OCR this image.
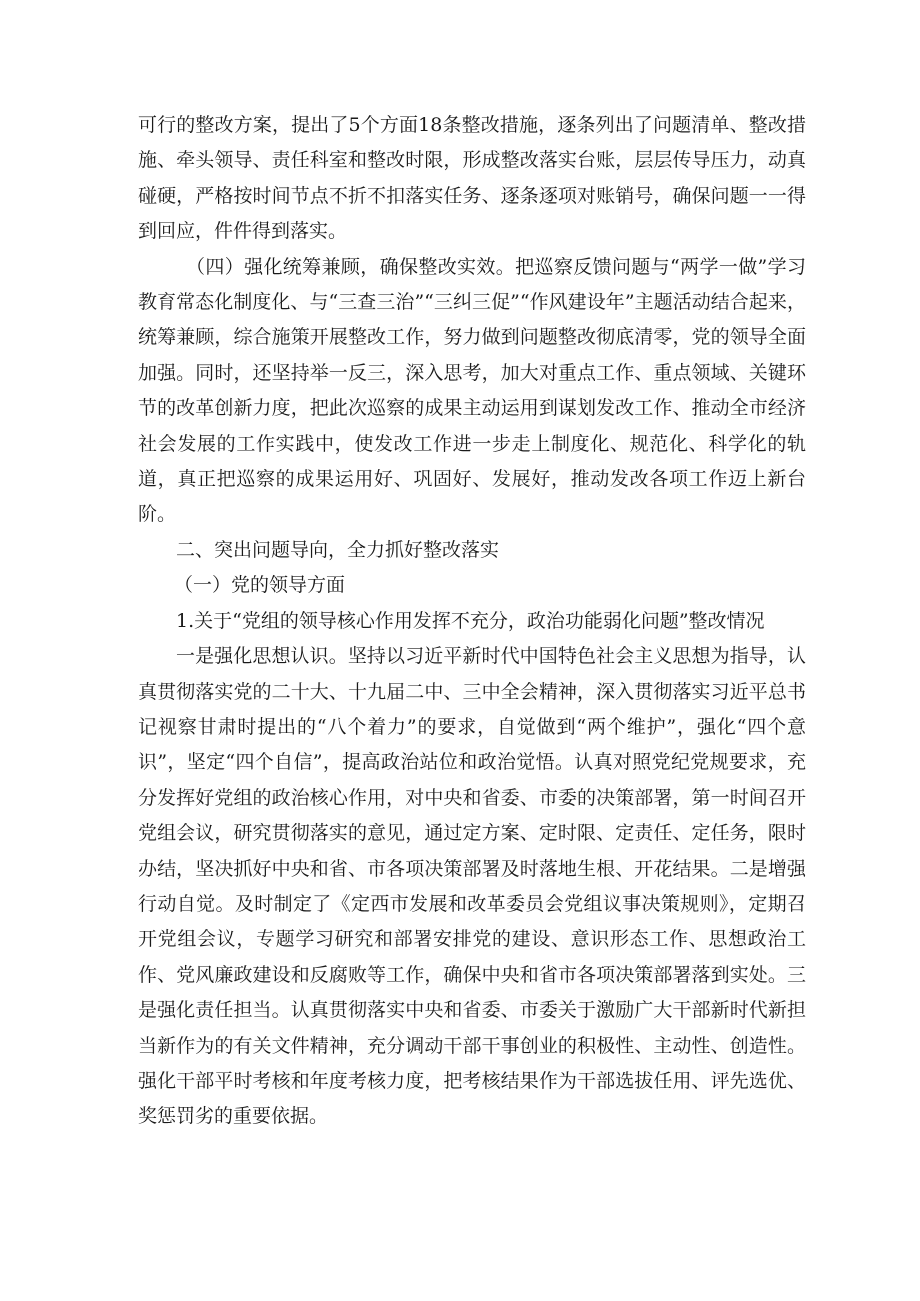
可行的整改方案，提出了5个方面18条整改措施，逐条列出了问题清单、整改措施、牵头领导、责任科室和整改时限，形成整改落实台账，层层传导压力，动真碰硬，严格按时间节点不折不扣落实任务、逐条逐项对账销号，确保问题一一得到回应，件件得到落实。

（四）强化统筹兼顾，确保整改实效。把巡察反馈问题与“两学一做”学习教育常态化制度化、与“三查三治”“三纠三促”“作风建设年”主题活动结合起来，统筹兼顾，综合施策开展整改工作，努力做到问题整改彻底清零，党的领导全面加强。同时，还坚持举一反三，深入思考，加大对重点工作、重点领域、关键环节的改革创新力度，把此次巡察的成果主动运用到谋划发改工作、推动全市经济社会发展的工作实践中，使发改工作进一步走上制度化、规范化、科学化的轨道，真正把巡察的成果运用好、巩固好、发展好，推动发改各项工作迈上新台阶。

二、突出问题导向，全力抓好整改落实

（一）党的领导方面

1.关于“党组的领导核心作用发挥不充分，政治功能弱化问题”整改情况

一是强化思想认识。坚持以习近平新时代中国特色社会主义思想为指导，认真贯彻落实党的二十大、十九届二中、三中全会精神，深入贯彻落实习近平总书记视察甘肃时提出的“八个着力”的要求，自觉做到“两个维护”，强化“四个意识”，坚定“四个自信”，提高政治站位和政治觉悟。认真对照党纪党规要求，充分发挥好党组的政治核心作用，对中央和省委、市委的决策部署，第一时间召开党组会议，研究贯彻落实的意见，通过定方案、定时限、定责任、定任务，限时办结，坚决抓好中央和省、市各项决策部署及时落地生根、开花结果。二是增强行动自觉。及时制定了《定西市发展和改革委员会党组议事决策规则》，定期召开党组会议，专题学习研究和部署安排党的建设、意识形态工作、思想政治工作、党风廉政建设和反腐败等工作，确保中央和省市各项决策部署落到实处。三是强化责任担当。认真贯彻落实中央和省委、市委关于激励广大干部新时代新担当新作为的有关文件精神，充分调动干部干事创业的积极性、主动性、创造性。强化干部平时考核和年度考核力度，把考核结果作为干部选拔任用、评先选优、奖惩罚劣的重要依据。
